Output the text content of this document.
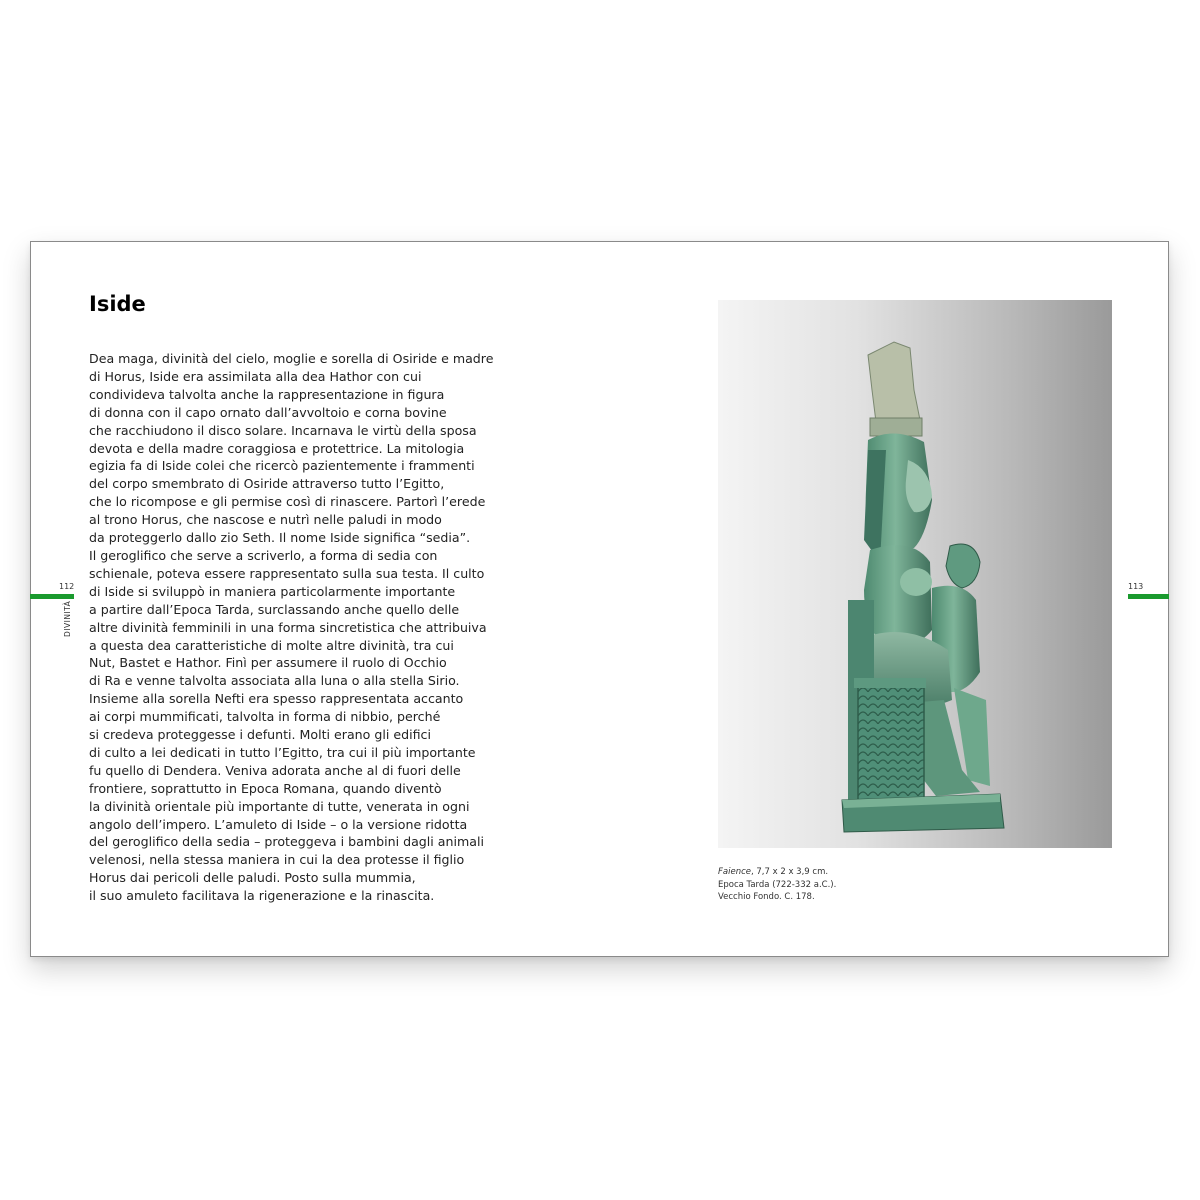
Iside
Dea maga, divinità del cielo, moglie e sorella di Osiride e madre
di Horus, Iside era assimilata alla dea Hathor con cui
condivideva talvolta anche la rappresentazione in figura
di donna con il capo ornato dall’avvoltoio e corna bovine
che racchiudono il disco solare. Incarnava le virtù della sposa
devota e della madre coraggiosa e protettrice. La mitologia
egizia fa di Iside colei che ricercò pazientemente i frammenti
del corpo smembrato di Osiride attraverso tutto l’Egitto,
che lo ricompose e gli permise così di rinascere. Partorì l’erede
al trono Horus, che nascose e nutrì nelle paludi in modo
da proteggerlo dallo zio Seth. Il nome Iside significa “sedia”.
Il geroglifico che serve a scriverlo, a forma di sedia con
schienale, poteva essere rappresentato sulla sua testa. Il culto
di Iside si sviluppò in maniera particolarmente importante
a partire dall’Epoca Tarda, surclassando anche quello delle
altre divinità femminili in una forma sincretistica che attribuiva
a questa dea caratteristiche di molte altre divinità, tra cui
Nut, Bastet e Hathor. Finì per assumere il ruolo di Occhio
di Ra e venne talvolta associata alla luna o alla stella Sirio.
Insieme alla sorella Nefti era spesso rappresentata accanto
ai corpi mummificati, talvolta in forma di nibbio, perché
si credeva proteggesse i defunti. Molti erano gli edifici
di culto a lei dedicati in tutto l’Egitto, tra cui il più importante
fu quello di Dendera. Veniva adorata anche al di fuori delle
frontiere, soprattutto in Epoca Romana, quando diventò
la divinità orientale più importante di tutte, venerata in ogni
angolo dell’impero. L’amuleto di Iside – o la versione ridotta
del geroglifico della sedia – proteggeva i bambini dagli animali
velenosi, nella stessa maniera in cui la dea protesse il figlio
Horus dai pericoli delle paludi. Posto sulla mummia,
il suo amuleto facilitava la rigenerazione e la rinascita.
112
DIVINITÀ
113
Faience, 7,7 x 2 x 3,9 cm.
Epoca Tarda (722-332 a.C.).
Vecchio Fondo. C. 178.
